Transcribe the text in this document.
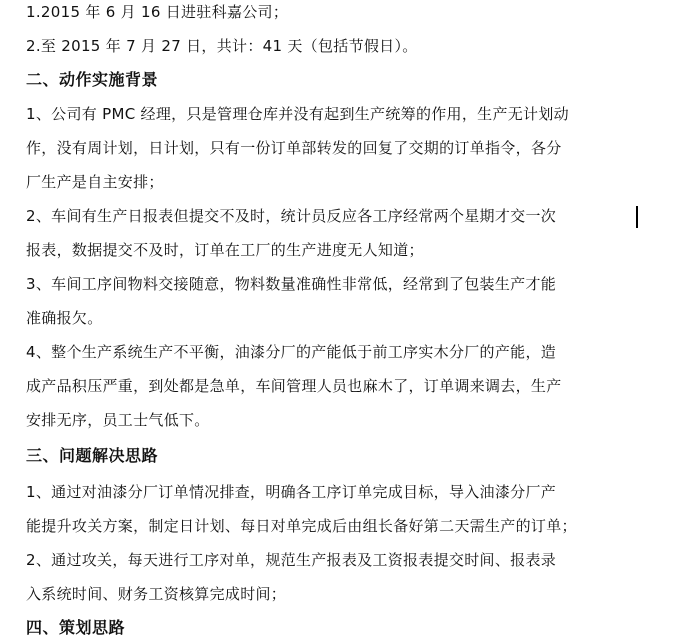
1.2015 年 6 月 16 日进驻科嘉公司；
2.至 2015 年 7 月 27 日，共计：41 天（包括节假日）。
二、动作实施背景
1、公司有 PMC 经理，只是管理仓库并没有起到生产统筹的作用，生产无计划动
作，没有周计划，日计划，只有一份订单部转发的回复了交期的订单指令，各分
厂生产是自主安排；
2、车间有生产日报表但提交不及时，统计员反应各工序经常两个星期才交一次
报表，数据提交不及时，订单在工厂的生产进度无人知道；
3、车间工序间物料交接随意，物料数量准确性非常低，经常到了包装生产才能
准确报欠。
4、整个生产系统生产不平衡，油漆分厂的产能低于前工序实木分厂的产能，造
成产品积压严重，到处都是急单，车间管理人员也麻木了，订单调来调去，生产
安排无序，员工士气低下。
三、问题解决思路
1、通过对油漆分厂订单情况排查，明确各工序订单完成目标，导入油漆分厂产
能提升攻关方案，制定日计划、每日对单完成后由组长备好第二天需生产的订单；
2、通过攻关，每天进行工序对单，规范生产报表及工资报表提交时间、报表录
入系统时间、财务工资核算完成时间；
四、策划思路
